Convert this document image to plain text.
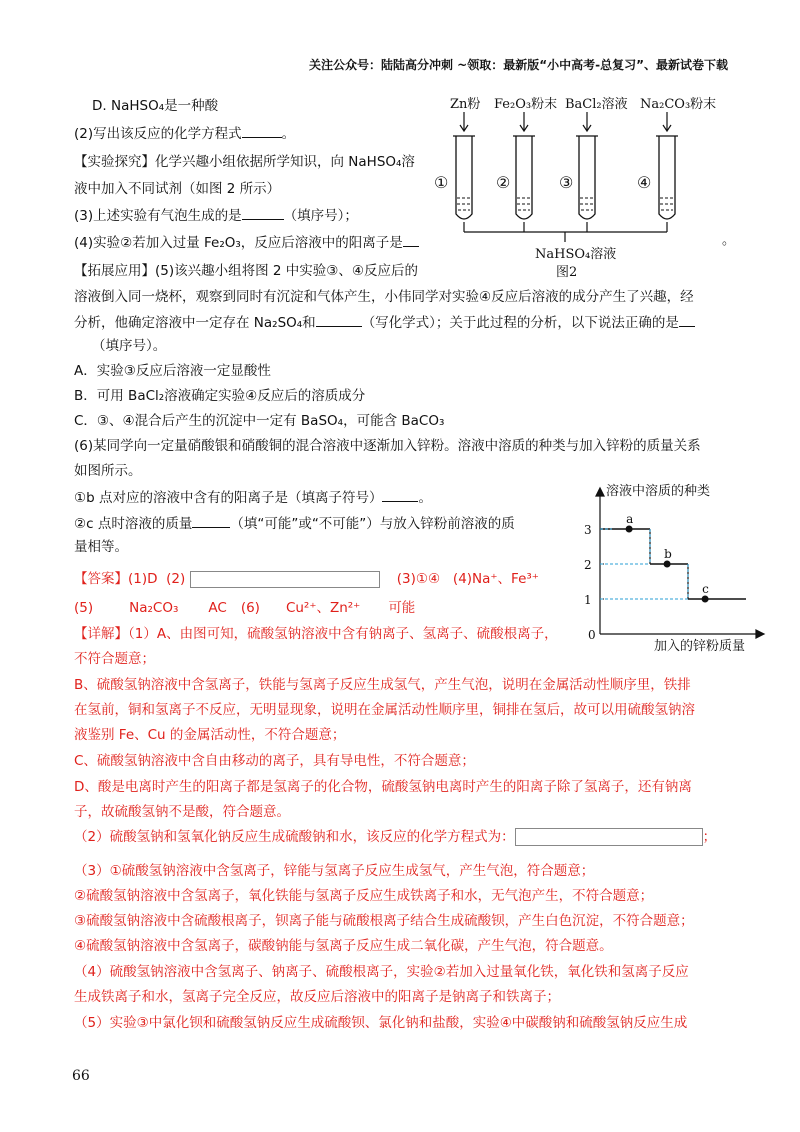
关注公众号：陆陆高分冲刺 ~领取：最新版“小中高考-总复习”、最新试卷下载
D. NaHSO₄是一种酸
(2)写出该反应的化学方程式	。
【实验探究】化学兴趣小组依据所学知识，向 NaHSO₄溶
液中加入不同试剂（如图 2 所示）
(3)上述实验有气泡生成的是	（填序号）；
(4)实验②若加入过量 Fe₂O₃，反应后溶液中的阳离子是
【拓展应用】(5)该兴趣小组将图 2 中实验③、④反应后的
溶液倒入同一烧杯，观察到同时有沉淀和气体产生，小伟同学对实验④反应后溶液的成分产生了兴趣，经
分析，他确定溶液中一定存在 Na₂SO₄和	（写化学式）；关于此过程的分析，以下说法正确的是
（填序号）。
A．实验③反应后溶液一定显酸性
B．可用 BaCl₂溶液确定实验④反应后的溶质成分
C．③、④混合后产生的沉淀中一定有 BaSO₄，可能含 BaCO₃
(6)某同学向一定量硝酸银和硝酸铜的混合溶液中逐渐加入锌粉。溶液中溶质的种类与加入锌粉的质量关系
如图所示。
①b 点对应的溶液中含有的阳离子是（填离子符号）	。
②c 点时溶液的质量	（填“可能”或“不可能”）与放入锌粉前溶液的质
量相等。
【答案】(1)D (2)	(3)①④ (4)Na⁺、Fe³⁺
(5)	Na₂CO₃ AC (6) Cu²⁺、Zn²⁺ 可能
【详解】（1）A、由图可知，硫酸氢钠溶液中含有钠离子、氢离子、硫酸根离子，
不符合题意；
B、硫酸氢钠溶液中含氢离子，铁能与氢离子反应生成氢气，产生气泡，说明在金属活动性顺序里，铁排
在氢前，铜和氢离子不反应，无明显现象，说明在金属活动性顺序里，铜排在氢后，故可以用硫酸氢钠溶
液鉴别 Fe、Cu 的金属活动性，不符合题意；
C、硫酸氢钠溶液中含自由移动的离子，具有导电性，不符合题意；
D、酸是电离时产生的阳离子都是氢离子的化合物，硫酸氢钠电离时产生的阳离子除了氢离子，还有钠离
子，故硫酸氢钠不是酸，符合题意。
（2）硫酸氢钠和氢氧化钠反应生成硫酸钠和水，该反应的化学方程式为：	；
（3）①硫酸氢钠溶液中含氢离子，锌能与氢离子反应生成氢气，产生气泡，符合题意；
②硫酸氢钠溶液中含氢离子，氧化铁能与氢离子反应生成铁离子和水，无气泡产生，不符合题意；
③硫酸氢钠溶液中含硫酸根离子，钡离子能与硫酸根离子结合生成硫酸钡，产生白色沉淀，不符合题意；
④硫酸氢钠溶液中含氢离子，碳酸钠能与氢离子反应生成二氧化碳，产生气泡，符合题意。
（4）硫酸氢钠溶液中含氢离子、钠离子、硫酸根离子，实验②若加入过量氧化铁，氧化铁和氢离子反应
生成铁离子和水，氢离子完全反应，故反应后溶液中的阳离子是钠离子和铁离子；
（5）实验③中氯化钡和硫酸氢钠反应生成硫酸钡、氯化钠和盐酸，实验④中碳酸钠和硫酸氢钠反应生成
Zn粉 Fe₂O₃粉末 BaCl₂溶液 Na₂CO₃粉末
①	②	③	④
NaHSO₄溶液
图2
。
溶液中溶质的种类
加入的锌粉质量
0
1
2
3
a
b
c
66
